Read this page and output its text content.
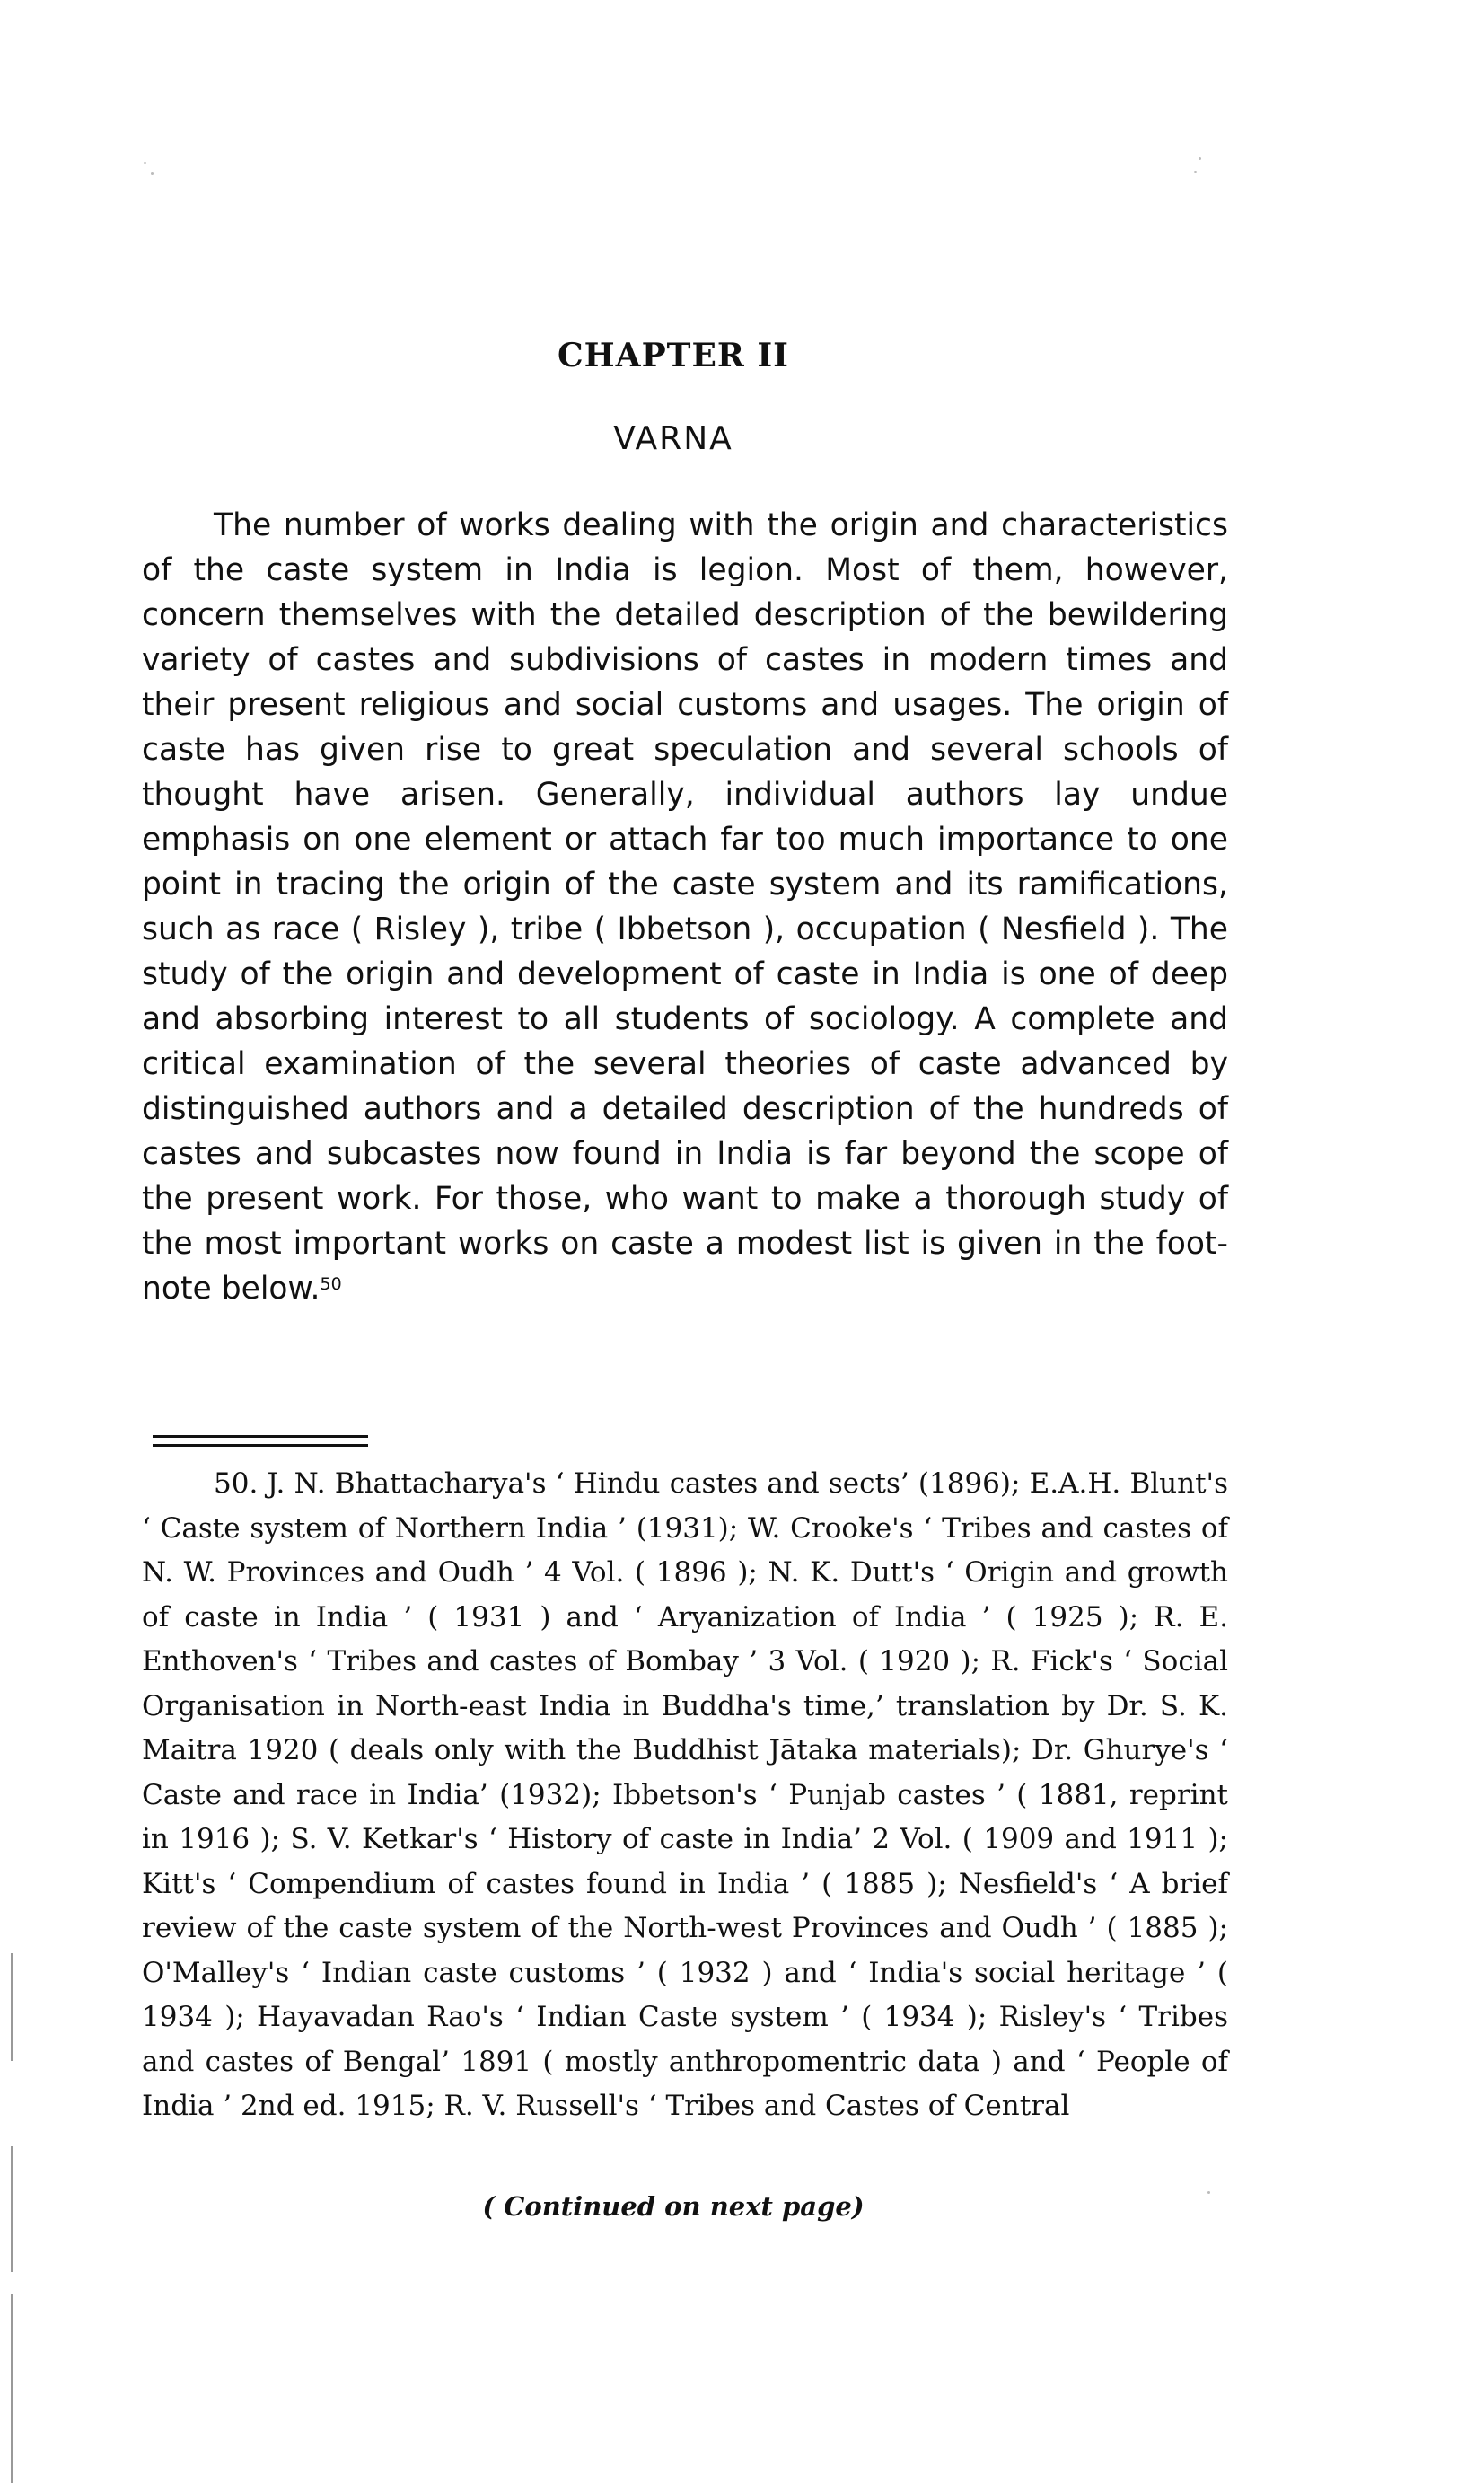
CHAPTER II
VARNA

The number of works dealing with the origin and characteristics of the caste system in India is legion. Most of them, however, concern themselves with the detailed description of the bewildering variety of castes and subdivisions of castes in modern times and their present religious and social customs and usages. The origin of caste has given rise to great speculation and several schools of thought have arisen. Generally, individual authors lay undue emphasis on one element or attach far too much importance to one point in tracing the origin of the caste system and its ramifications, such as race ( Risley ), tribe ( Ibbetson ), occupation ( Nesfield ). The study of the origin and development of caste in India is one of deep and absorbing interest to all students of sociology. A complete and critical examination of the several theories of caste advanced by distinguished authors and a detailed description of the hundreds of castes and subcastes now found in India is far beyond the scope of the present work. For those, who want to make a thorough study of the most important works on caste a modest list is given in the foot-note below.$^{50}$

50. J. N. Bhattacharya's ‘ Hindu castes and sects’ (1896); E.A.H. Blunt's ‘ Caste system of Northern India ’ (1931); W. Crooke's ‘ Tribes and castes of N. W. Provinces and Oudh ’ 4 Vol. ( 1896 ); N. K. Dutt's ‘ Origin and growth of caste in India ’ ( 1931 ) and ‘ Aryanization of India ’ ( 1925 ); R. E. Enthoven's ‘ Tribes and castes of Bombay ’ 3 Vol. ( 1920 ); R. Fick's ‘ Social Organisation in North-east India in Buddha's time,’ translation by Dr. S. K. Maitra 1920 ( deals only with the Buddhist Jātaka materials); Dr. Ghurye's ‘ Caste and race in India’ (1932); Ibbetson's ‘ Punjab castes ’ ( 1881, reprint in 1916 ); S. V. Ketkar's ‘ History of caste in India’ 2 Vol. ( 1909 and 1911 ); Kitt's ‘ Compendium of castes found in India ’ ( 1885 ); Nesfield's ‘ A brief review of the caste system of the North-west Provinces and Oudh ’ ( 1885 ); O'Malley's ‘ Indian caste customs ’ ( 1932 ) and ‘ India's social heritage ’ ( 1934 ); Hayavadan Rao's ‘ Indian Caste system ’ ( 1934 ); Risley's ‘ Tribes and castes of Bengal’ 1891 ( mostly anthropomentric data ) and ‘ People of India ’ 2nd ed. 1915; R. V. Russell's ‘ Tribes and Castes of Central

( Continued on next page)
